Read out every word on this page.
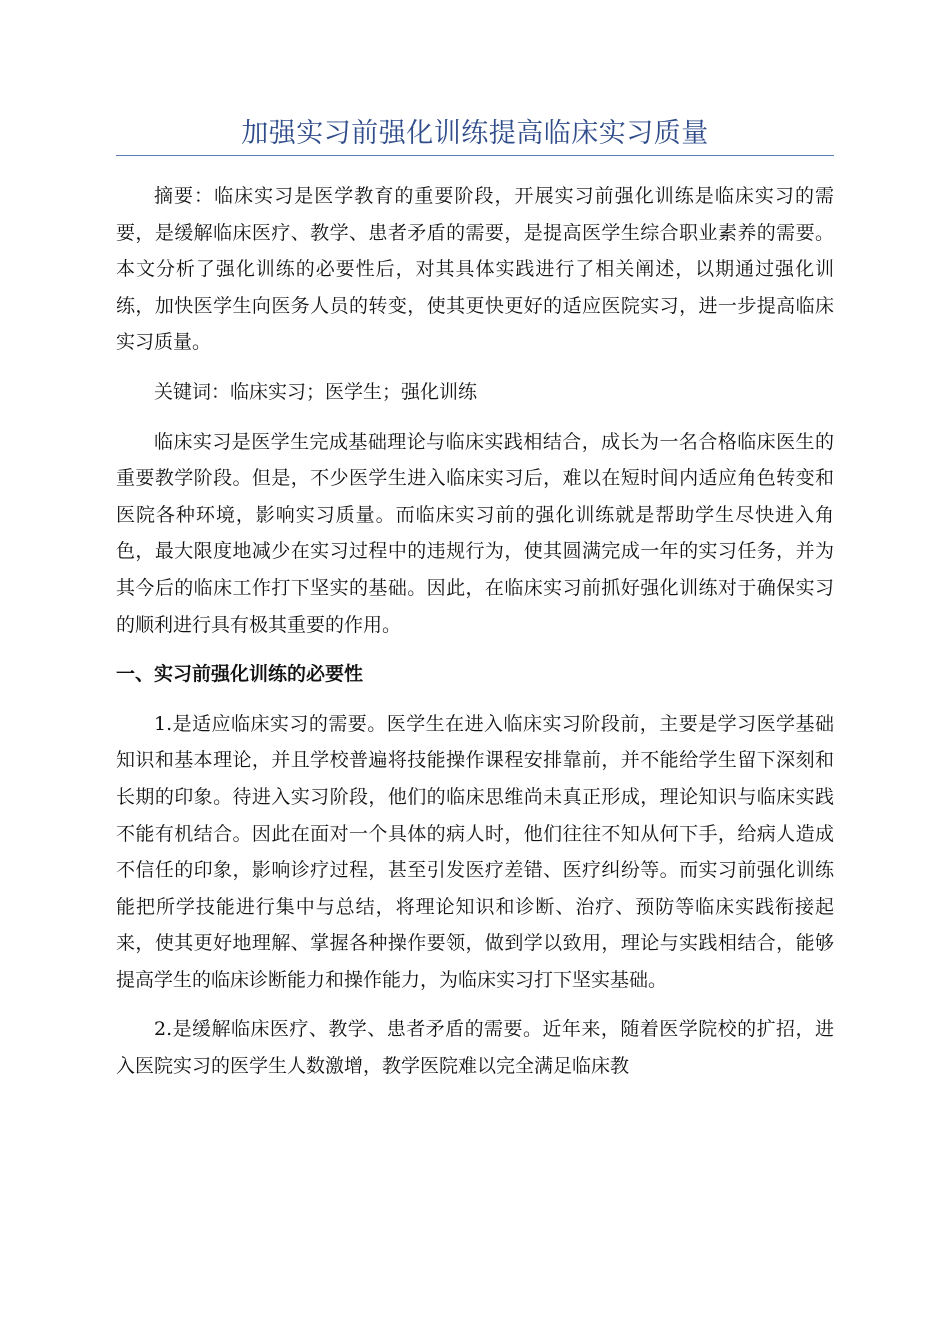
加强实习前强化训练提高临床实习质量

摘要：临床实习是医学教育的重要阶段，开展实习前强化训练是临床实习的需要，是缓解临床医疗、教学、患者矛盾的需要，是提高医学生综合职业素养的需要。本文分析了强化训练的必要性后，对其具体实践进行了相关阐述，以期通过强化训练，加快医学生向医务人员的转变，使其更快更好的适应医院实习，进一步提高临床实习质量。

关键词：临床实习；医学生；强化训练

临床实习是医学生完成基础理论与临床实践相结合，成长为一名合格临床医生的重要教学阶段。但是，不少医学生进入临床实习后，难以在短时间内适应角色转变和医院各种环境，影响实习质量。而临床实习前的强化训练就是帮助学生尽快进入角色，最大限度地减少在实习过程中的违规行为，使其圆满完成一年的实习任务，并为其今后的临床工作打下坚实的基础。因此，在临床实习前抓好强化训练对于确保实习的顺利进行具有极其重要的作用。

一、实习前强化训练的必要性

1.是适应临床实习的需要。医学生在进入临床实习阶段前，主要是学习医学基础知识和基本理论，并且学校普遍将技能操作课程安排靠前，并不能给学生留下深刻和长期的印象。待进入实习阶段，他们的临床思维尚未真正形成，理论知识与临床实践不能有机结合。因此在面对一个具体的病人时，他们往往不知从何下手，给病人造成不信任的印象，影响诊疗过程，甚至引发医疗差错、医疗纠纷等。而实习前强化训练能把所学技能进行集中与总结，将理论知识和诊断、治疗、预防等临床实践衔接起来，使其更好地理解、掌握各种操作要领，做到学以致用，理论与实践相结合，能够提高学生的临床诊断能力和操作能力，为临床实习打下坚实基础。

2.是缓解临床医疗、教学、患者矛盾的需要。近年来，随着医学院校的扩招，进入医院实习的医学生人数激增，教学医院难以完全满足临床教
